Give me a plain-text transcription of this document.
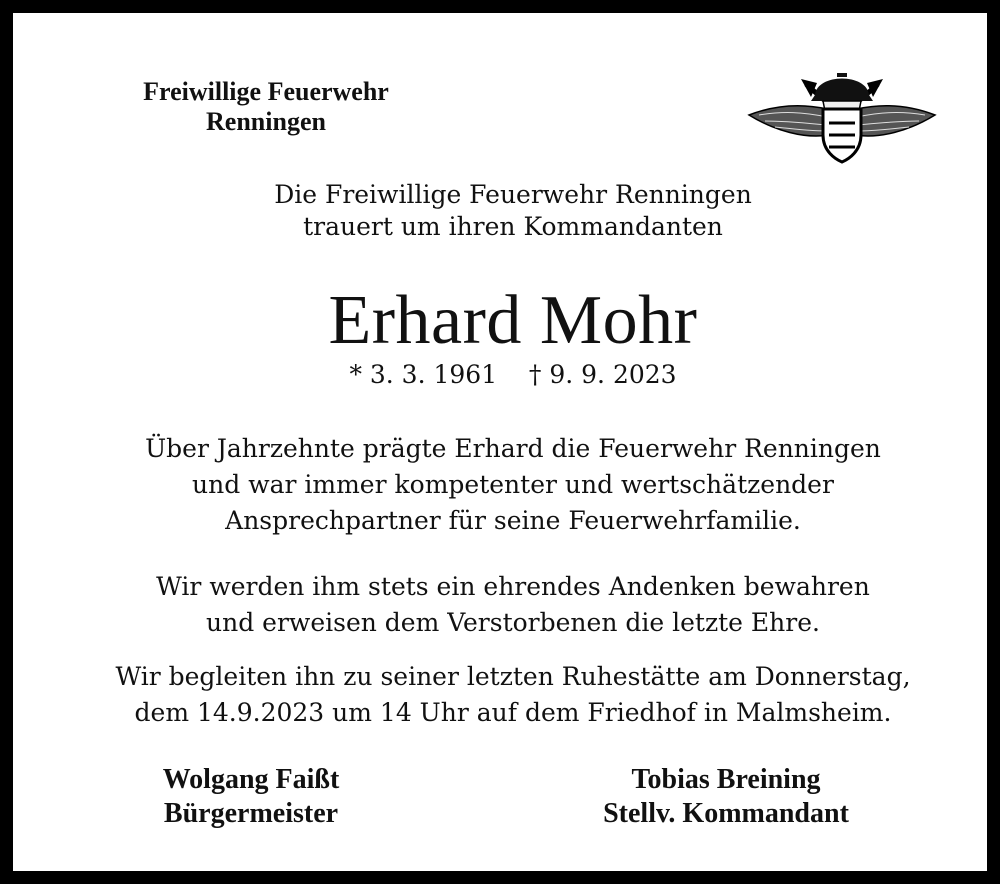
Freiwillige Feuerwehr
Renningen
Die Freiwillige Feuerwehr Renningen
trauert um ihren Kommandanten
Erhard Mohr
* 3. 3. 1961    † 9. 9. 2023
Über Jahrzehnte prägte Erhard die Feuerwehr Renningen
und war immer kompetenter und wertschätzender
Ansprechpartner für seine Feuerwehrfamilie.
Wir werden ihm stets ein ehrendes Andenken bewahren
und erweisen dem Verstorbenen die letzte Ehre.
Wir begleiten ihn zu seiner letzten Ruhestätte am Donnerstag,
dem 14.9.2023 um 14 Uhr auf dem Friedhof in Malmsheim.
Wolgang Faißt
Bürgermeister
Tobias Breining
Stellv. Kommandant
